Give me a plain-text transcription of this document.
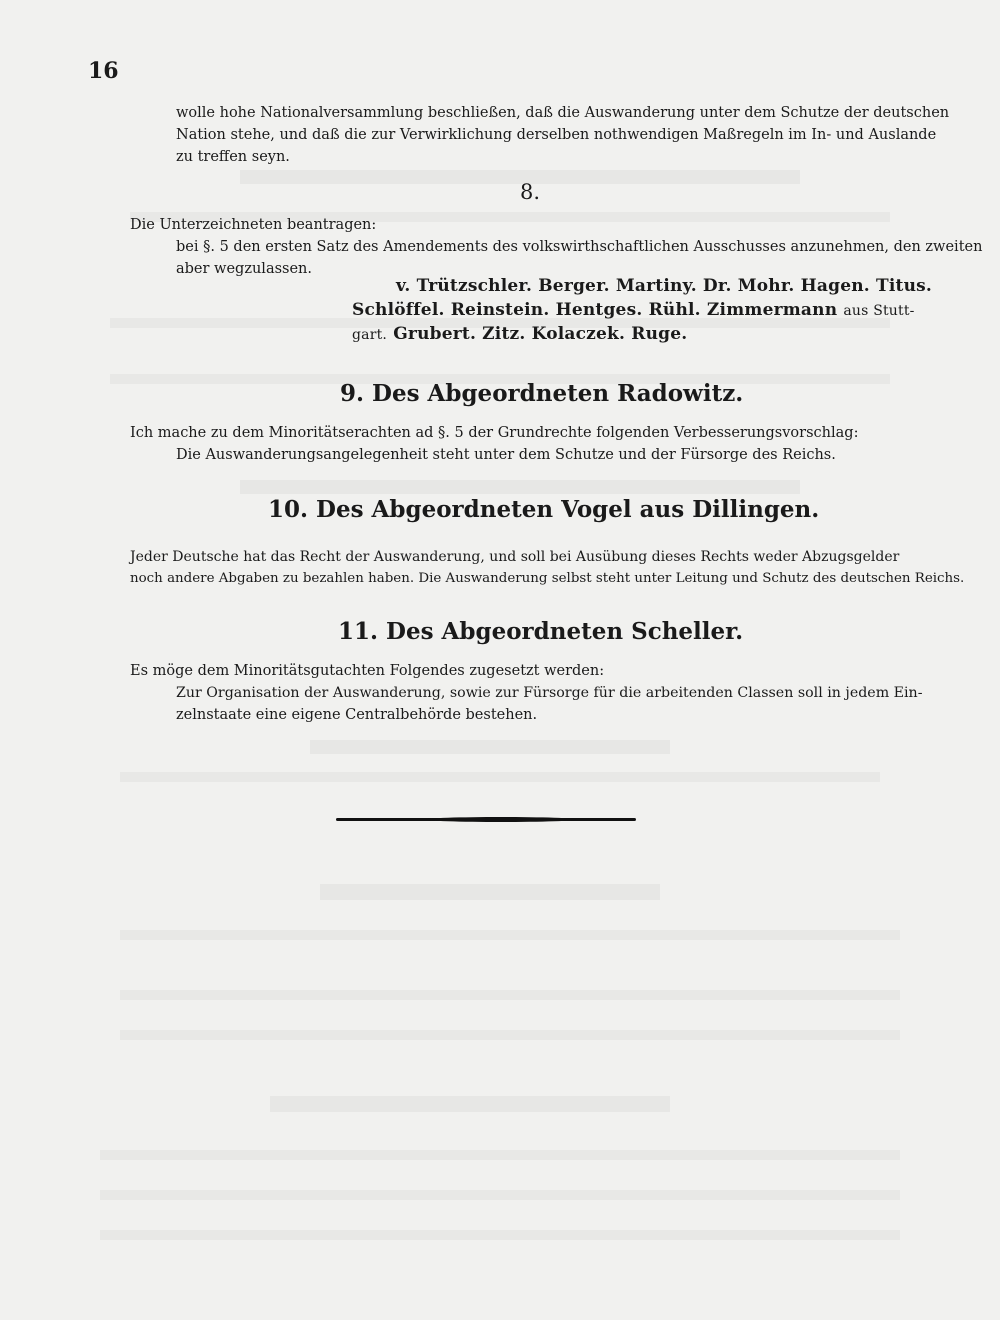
16
wolle hohe Nationalversammlung beschließen, daß die Auswanderung unter dem Schutze der deutschen
Nation stehe, und daß die zur Verwirklichung derselben nothwendigen Maßregeln im In- und Auslande
zu treffen seyn.
8.
Die Unterzeichneten beantragen:
bei §. 5 den ersten Satz des Amendements des volkswirthschaftlichen Ausschusses anzunehmen, den zweiten
aber wegzulassen.
v. Trützschler. Berger. Martiny. Dr. Mohr. Hagen. Titus.
Schlöffel. Reinstein. Hentges. Rühl. Zimmermann aus Stutt-
gart. Grubert. Zitz. Kolaczek. Ruge.
9. Des Abgeordneten Radowitz.
Ich mache zu dem Minoritätserachten ad §. 5 der Grundrechte folgenden Verbesserungsvorschlag:
Die Auswanderungsangelegenheit steht unter dem Schutze und der Fürsorge des Reichs.
10. Des Abgeordneten Vogel aus Dillingen.
Jeder Deutsche hat das Recht der Auswanderung, und soll bei Ausübung dieses Rechts weder Abzugsgelder
noch andere Abgaben zu bezahlen haben. Die Auswanderung selbst steht unter Leitung und Schutz des deutschen Reichs.
11. Des Abgeordneten Scheller.
Es möge dem Minoritätsgutachten Folgendes zugesetzt werden:
Zur Organisation der Auswanderung, sowie zur Fürsorge für die arbeitenden Classen soll in jedem Ein-
zelnstaate eine eigene Centralbehörde bestehen.
